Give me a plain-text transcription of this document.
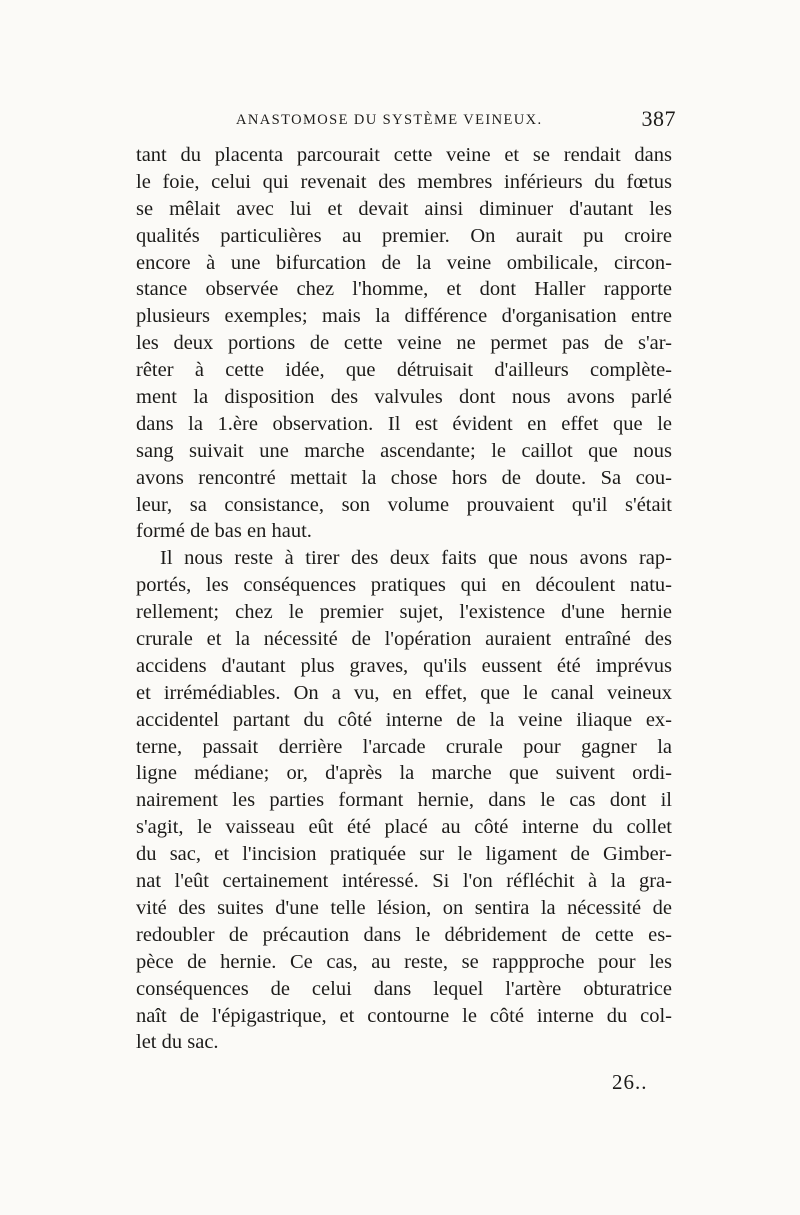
ANASTOMOSE DU SYSTÈME VEINEUX.	387
tant du placenta parcourait cette veine et se rendait dans
le foie, celui qui revenait des membres inférieurs du fœtus
se mêlait avec lui et devait ainsi diminuer d'autant les
qualités particulières au premier. On aurait pu croire
encore à une bifurcation de la veine ombilicale, circon-
stance observée chez l'homme, et dont Haller rapporte
plusieurs exemples; mais la différence d'organisation entre
les deux portions de cette veine ne permet pas de s'ar-
rêter à cette idée, que détruisait d'ailleurs complète-
ment la disposition des valvules dont nous avons parlé
dans la 1.ère observation. Il est évident en effet que le
sang suivait une marche ascendante; le caillot que nous
avons rencontré mettait la chose hors de doute. Sa cou-
leur, sa consistance, son volume prouvaient qu'il s'était
formé de bas en haut.
Il nous reste à tirer des deux faits que nous avons rap-
portés, les conséquences pratiques qui en découlent natu-
rellement; chez le premier sujet, l'existence d'une hernie
crurale et la nécessité de l'opération auraient entraîné des
accidens d'autant plus graves, qu'ils eussent été imprévus
et irrémédiables. On a vu, en effet, que le canal veineux
accidentel partant du côté interne de la veine iliaque ex-
terne, passait derrière l'arcade crurale pour gagner la
ligne médiane; or, d'après la marche que suivent ordi-
nairement les parties formant hernie, dans le cas dont il
s'agit, le vaisseau eût été placé au côté interne du collet
du sac, et l'incision pratiquée sur le ligament de Gimber-
nat l'eût certainement intéressé. Si l'on réfléchit à la gra-
vité des suites d'une telle lésion, on sentira la nécessité de
redoubler de précaution dans le débridement de cette es-
pèce de hernie. Ce cas, au reste, se rappproche pour les
conséquences de celui dans lequel l'artère obturatrice
naît de l'épigastrique, et contourne le côté interne du col-
let du sac.
26..
